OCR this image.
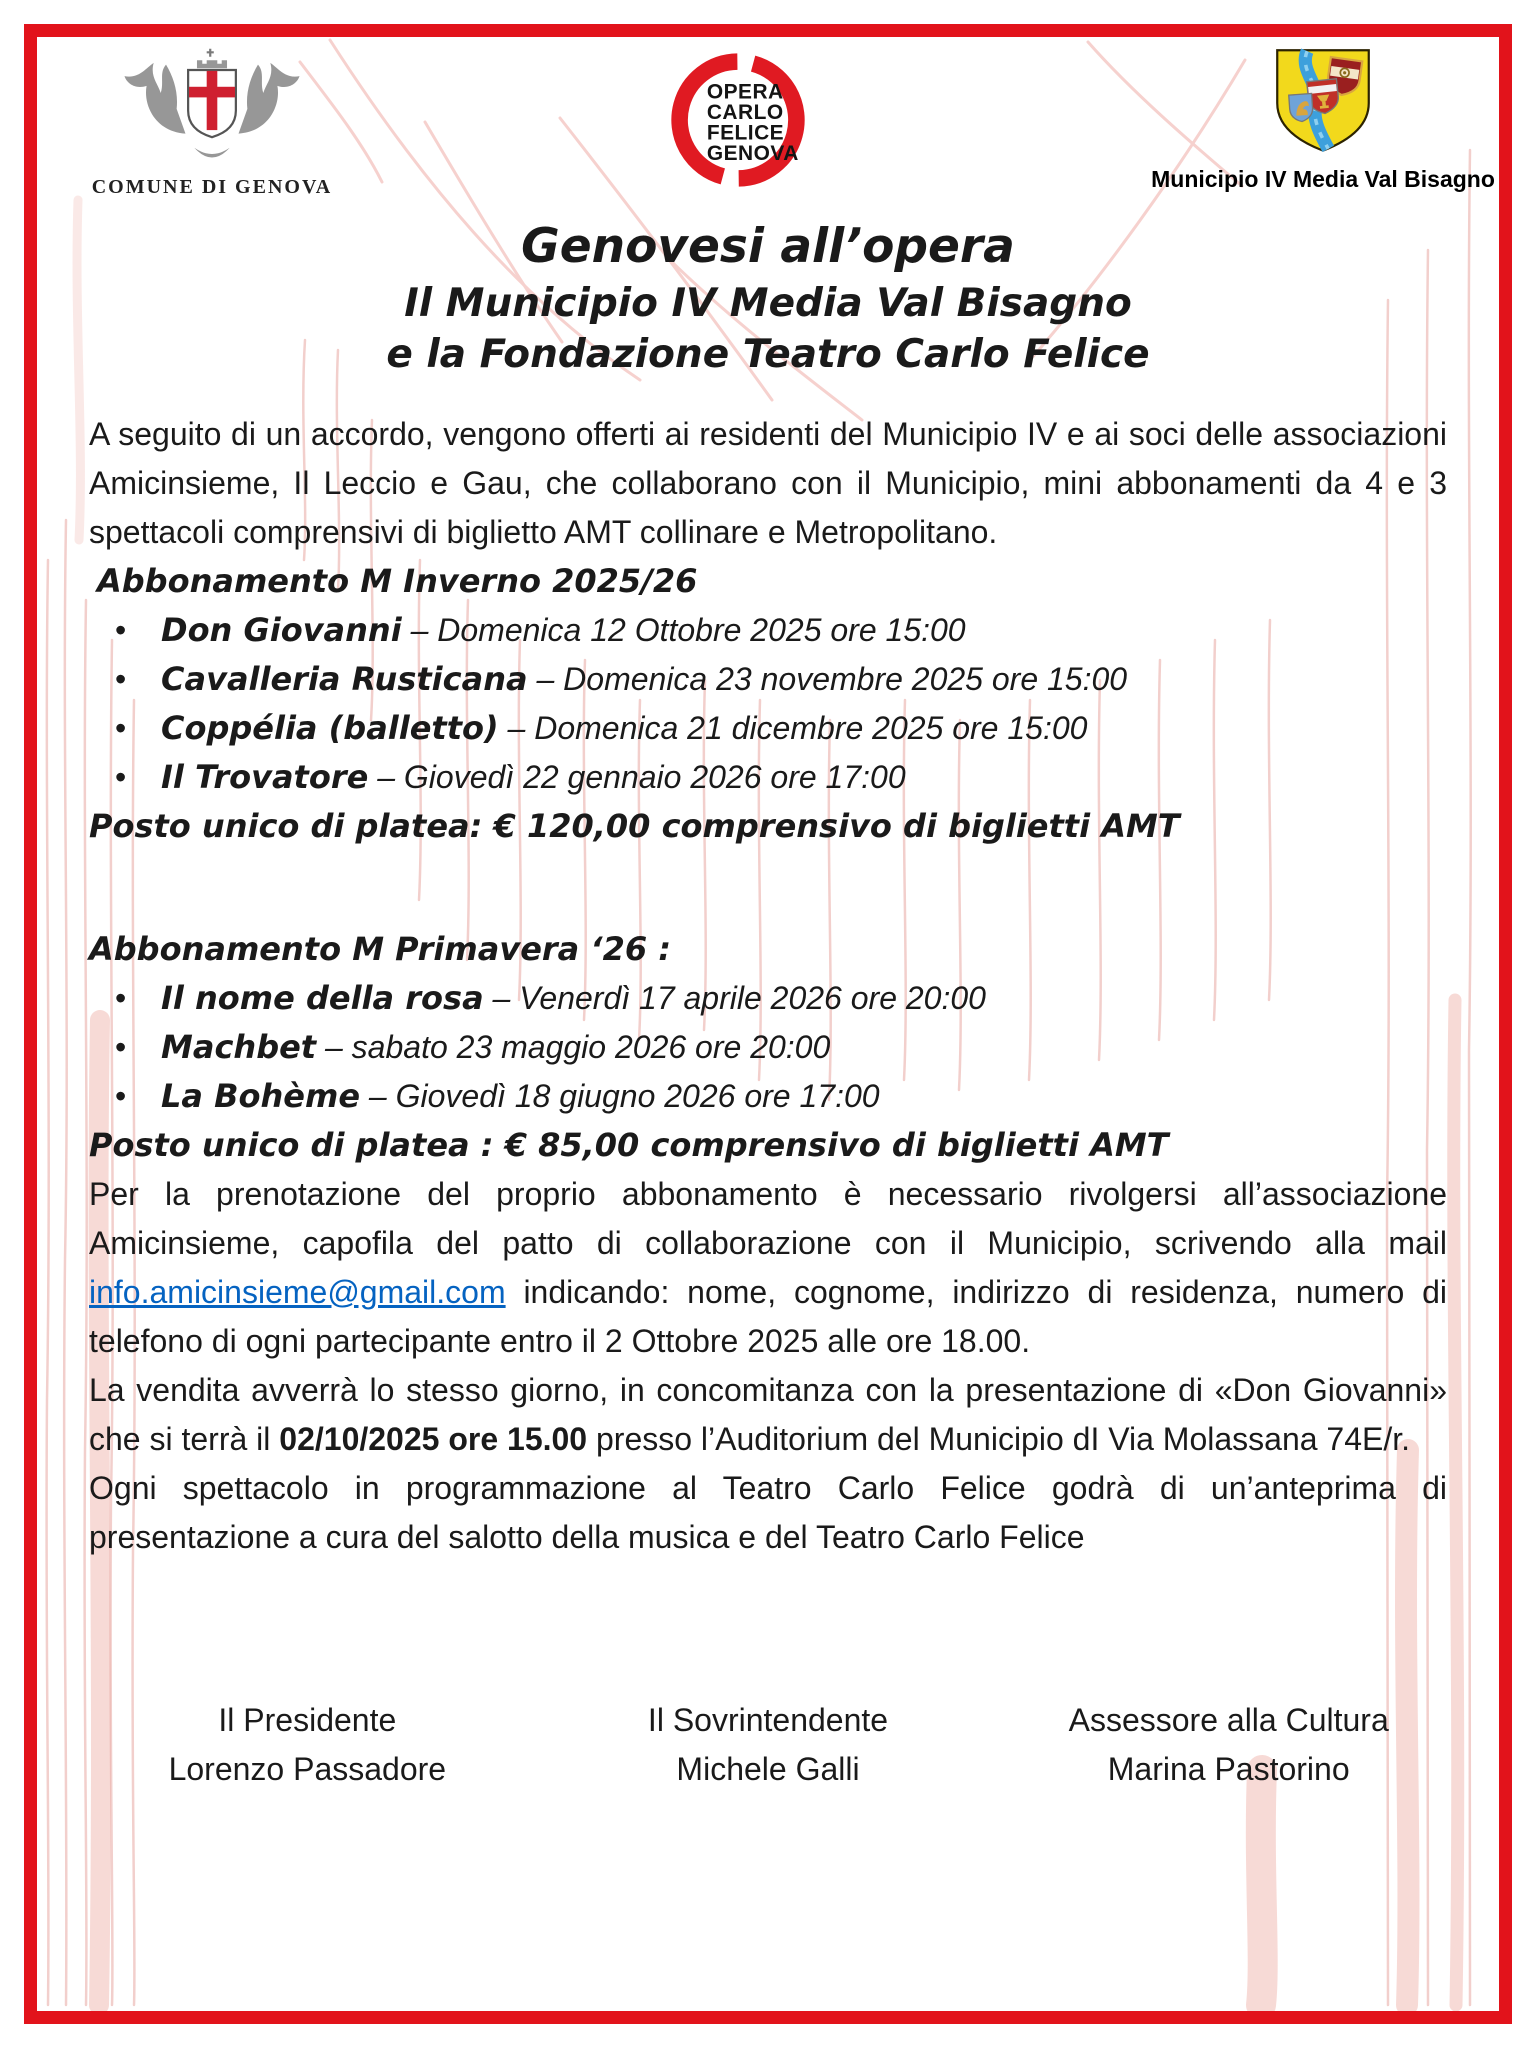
COMUNE DI GENOVA
OPERA
CARLO
FELICE
GENOVA
Municipio IV Media Val Bisagno
Genovesi all’opera
Il Municipio IV Media Val Bisagno
e la Fondazione Teatro Carlo Felice
A seguito di un accordo, vengono offerti ai residenti del Municipio IV e ai soci delle associazioni Amicinsieme, Il Leccio e Gau, che collaborano con il Municipio, mini abbonamenti da 4 e 3 spettacoli comprensivi di biglietto AMT collinare e Metropolitano.
Abbonamento M Inverno 2025/26
• Don Giovanni – Domenica 12 Ottobre 2025 ore 15:00
• Cavalleria Rusticana – Domenica 23 novembre 2025 ore 15:00
• Coppélia (balletto) – Domenica 21 dicembre 2025 ore 15:00
• Il Trovatore – Giovedì 22 gennaio 2026 ore 17:00
Posto unico di platea: € 120,00 comprensivo di biglietti AMT
Abbonamento M Primavera ‘26 :
• Il nome della rosa – Venerdì 17 aprile 2026 ore 20:00
• Machbet – sabato 23 maggio 2026 ore 20:00
• La Bohème – Giovedì 18 giugno 2026 ore 17:00
Posto unico di platea : € 85,00 comprensivo di biglietti AMT
Per la prenotazione del proprio abbonamento è necessario rivolgersi all’associazione Amicinsieme, capofila del patto di collaborazione con il Municipio, scrivendo alla mail info.amicinsieme@gmail.com indicando: nome, cognome, indirizzo di residenza, numero di telefono di ogni partecipante entro il 2 Ottobre 2025 alle ore 18.00.
La vendita avverrà lo stesso giorno, in concomitanza con la presentazione di «Don Giovanni» che si terrà il 02/10/2025 ore 15.00 presso l’Auditorium del Municipio dI Via Molassana 74E/r.
Ogni spettacolo in programmazione al Teatro Carlo Felice godrà di un’anteprima di presentazione a cura del salotto della musica e del Teatro Carlo Felice
Il Presidente
Lorenzo Passadore
Il Sovrintendente
Michele Galli
Assessore alla Cultura
Marina Pastorino
